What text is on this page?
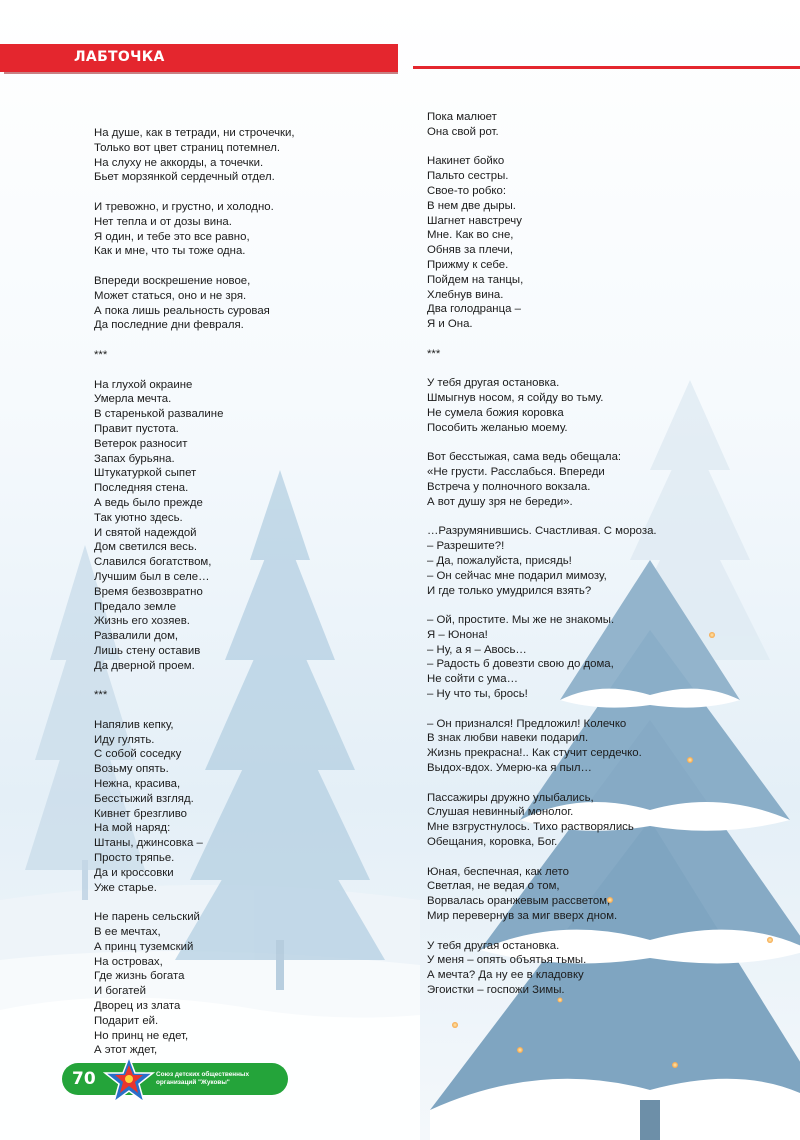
ЛАБТОЧКА
На душе, как в тетради, ни строчечки,
Только вот цвет страниц потемнел.
На слуху не аккорды, а точечки.
Бьет морзянкой сердечный отдел.
И тревожно, и грустно, и холодно.
Нет тепла и от дозы вина.
Я один, и тебе это все равно,
Как и мне, что ты тоже одна.
Впереди воскрешение новое,
Может статься, оно и не зря.
А пока лишь реальность суровая
Да последние дни февраля.
***
На глухой окраине
Умерла мечта.
В старенькой развалине
Правит пустота.
Ветерок разносит
Запах бурьяна.
Штукатуркой сыпет
Последняя стена.
А ведь было прежде
Так уютно здесь.
И святой надеждой
Дом светился весь.
Славился богатством,
Лучшим был в селе…
Время безвозвратно
Предало земле
Жизнь его хозяев.
Развалили дом,
Лишь стену оставив
Да дверной проем.
***
Напялив кепку,
Иду гулять.
С собой соседку
Возьму опять.
Нежна, красива,
Бесстыжий взгляд.
Кивнет брезгливо
На мой наряд:
Штаны, джинсовка –
Просто тряпье.
Да и кроссовки
Уже старье.
Не парень сельский
В ее мечтах,
А принц туземский
На островах,
Где жизнь богата
И богатей
Дворец из злата
Подарит ей.
Но принц не едет,
А этот ждет,
Пока малюет
Она свой рот.
Накинет бойко
Пальто сестры.
Свое-то робко:
В нем две дыры.
Шагнет навстречу
Мне. Как во сне,
Обняв за плечи,
Прижму к себе.
Пойдем на танцы,
Хлебнув вина.
Два голодранца –
Я и Она.
***
У тебя другая остановка.
Шмыгнув носом, я сойду во тьму.
Не сумела божия коровка
Пособить желанью моему.
Вот бесстыжая, сама ведь обещала:
«Не грусти. Расслабься. Впереди
Встреча у полночного вокзала.
А вот душу зря не береди».
…Разрумянившись. Счастливая. С мороза.
– Разрешите?!
– Да, пожалуйста, присядь!
– Он сейчас мне подарил мимозу,
И где только умудрился взять?
– Ой, простите. Мы же не знакомы.
Я – Юнона!
– Ну, а я – Авось…
– Радость б довезти свою до дома,
Не сойти с ума…
– Ну что ты, брось!
– Он признался! Предложил! Колечко
В знак любви навеки подарил.
Жизнь прекрасна!.. Как стучит сердечко.
Выдох-вдох. Умерю-ка я пыл…
Пассажиры дружно улыбались,
Слушая невинный монолог.
Мне взгрустнулось. Тихо растворялись
Обещания, коровка, Бог.
Юная, беспечная, как лето
Светлая, не ведая о том,
Ворвалась оранжевым рассветом,
Мир перевернув за миг вверх дном.
У тебя другая остановка.
У меня – опять объятья тьмы.
А мечта? Да ну ее в кладовку
Эгоистки – госпожи Зимы.
70	Союз детских общественных
организаций "Жуковы"
